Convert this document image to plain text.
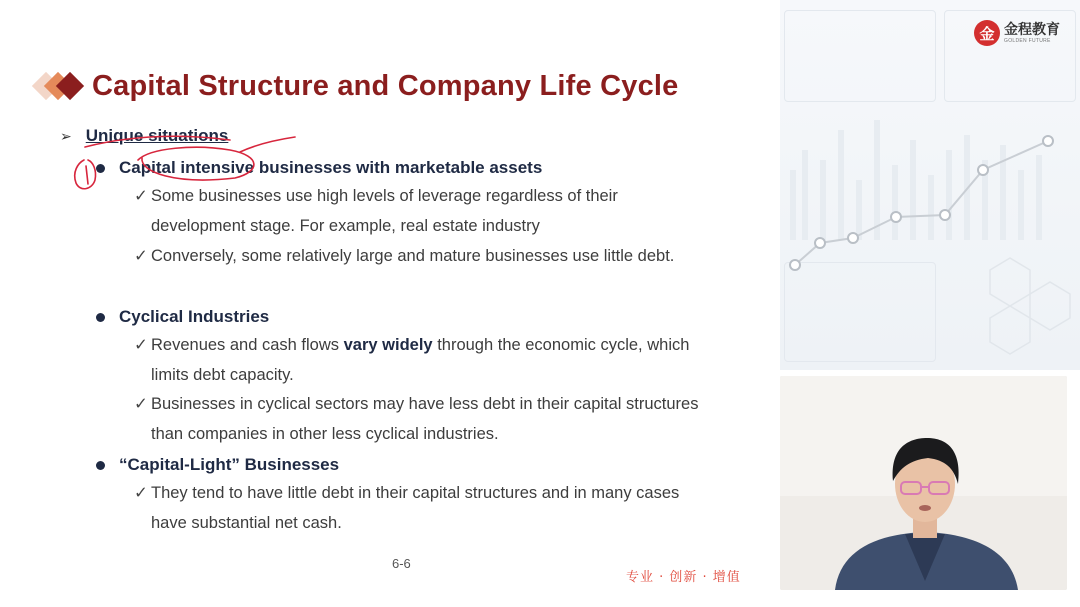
金 金程教育
GOLDEN FUTURE
Capital Structure and Company Life Cycle
➢ Unique situations
Capital intensive businesses with marketable assets
✓ Some businesses use high levels of leverage regardless of their development stage. For example, real estate industry
✓ Conversely, some relatively large and mature businesses use little debt.
Cyclical Industries
✓ Revenues and cash flows vary widely through the economic cycle, which limits debt capacity.
✓ Businesses in cyclical sectors may have less debt in their capital structures than companies in other less cyclical industries.
“Capital-Light” Businesses
✓ They tend to have little debt in their capital structures and in many cases have substantial net cash.
6-6
专业 · 创新 · 增值
